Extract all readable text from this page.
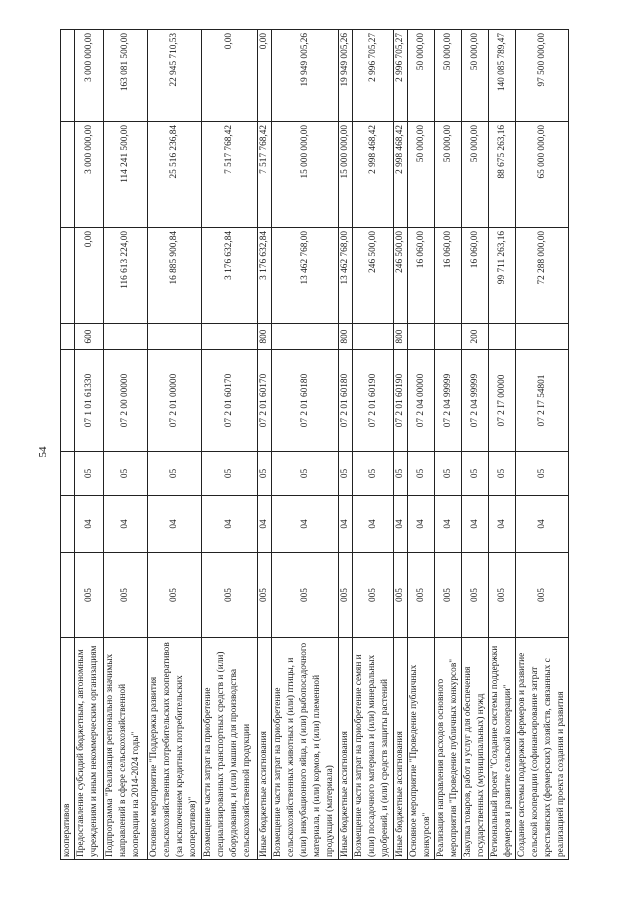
54
кооперативов								
Предоставление субсидий бюджетным, автономным
учреждениям и иным некоммерческим организациям	005	04	05	07 1 01 61330	600	0,00	3 000 000,00	3 000 000,00
Подпрограмма "Реализация регионально значимых
направлений в сфере сельскохозяйственной
кооперации на 2014-2024 годы"	005	04	05	07 2 00 00000		116 613 224,00	114 241 500,00	163 081 500,00
Основное мероприятие "Поддержка развития
сельскохозяйственных потребительских кооперативов
(за исключением кредитных потребительских
кооперативов)"	005	04	05	07 2 01 00000		16 885 900,84	25 516 236,84	22 945 710,53
Возмещение части затрат на приобретение
специализированных транспортных средств и (или)
оборудования, и (или) машин для производства
сельскохозяйственной продукции	005	04	05	07 2 01 60170		3 176 632,84	7 517 768,42	0,00
Иные бюджетные ассигнования	005	04	05	07 2 01 60170	800	3 176 632,84	7 517 768,42	0,00
Возмещение части затрат на приобретение
сельскохозяйственных животных и (или) птицы, и
(или) инкубационного яйца, и (или) рыбопосадочного
материала, и (или) кормов, и (или) племенной
продукции (материала)	005	04	05	07 2 01 60180		13 462 768,00	15 000 000,00	19 949 005,26
Иные бюджетные ассигнования	005	04	05	07 2 01 60180	800	13 462 768,00	15 000 000,00	19 949 005,26
Возмещение части затрат на приобретение семян и
(или) посадочного материала и (или) минеральных
удобрений, и (или) средств защиты растений	005	04	05	07 2 01 60190		246 500,00	2 998 468,42	2 996 705,27
Иные бюджетные ассигнования	005	04	05	07 2 01 60190	800	246 500,00	2 998 468,42	2 996 705,27
Основное мероприятие "Проведение публичных
конкурсов"	005	04	05	07 2 04 00000		16 060,00	50 000,00	50 000,00
Реализация направления расходов основного
мероприятия "Проведение публичных конкурсов"	005	04	05	07 2 04 99999		16 060,00	50 000,00	50 000,00
Закупка товаров, работ и услуг для обеспечения
государственных (муниципальных) нужд	005	04	05	07 2 04 99999	200	16 060,00	50 000,00	50 000,00
Региональный проект "Создание системы поддержки
фермеров и развитие сельской кооперации"	005	04	05	07 2 I7 00000		99 711 263,16	88 675 263,16	140 085 789,47
Создание системы поддержки фермеров и развитие
сельской кооперации (софинансирование затрат
крестьянских (фермерских) хозяйств, связанных с
реализацией проекта создания и развития	005	04	05	07 2 I7 54801		72 288 000,00	65 000 000,00	97 500 000,00
